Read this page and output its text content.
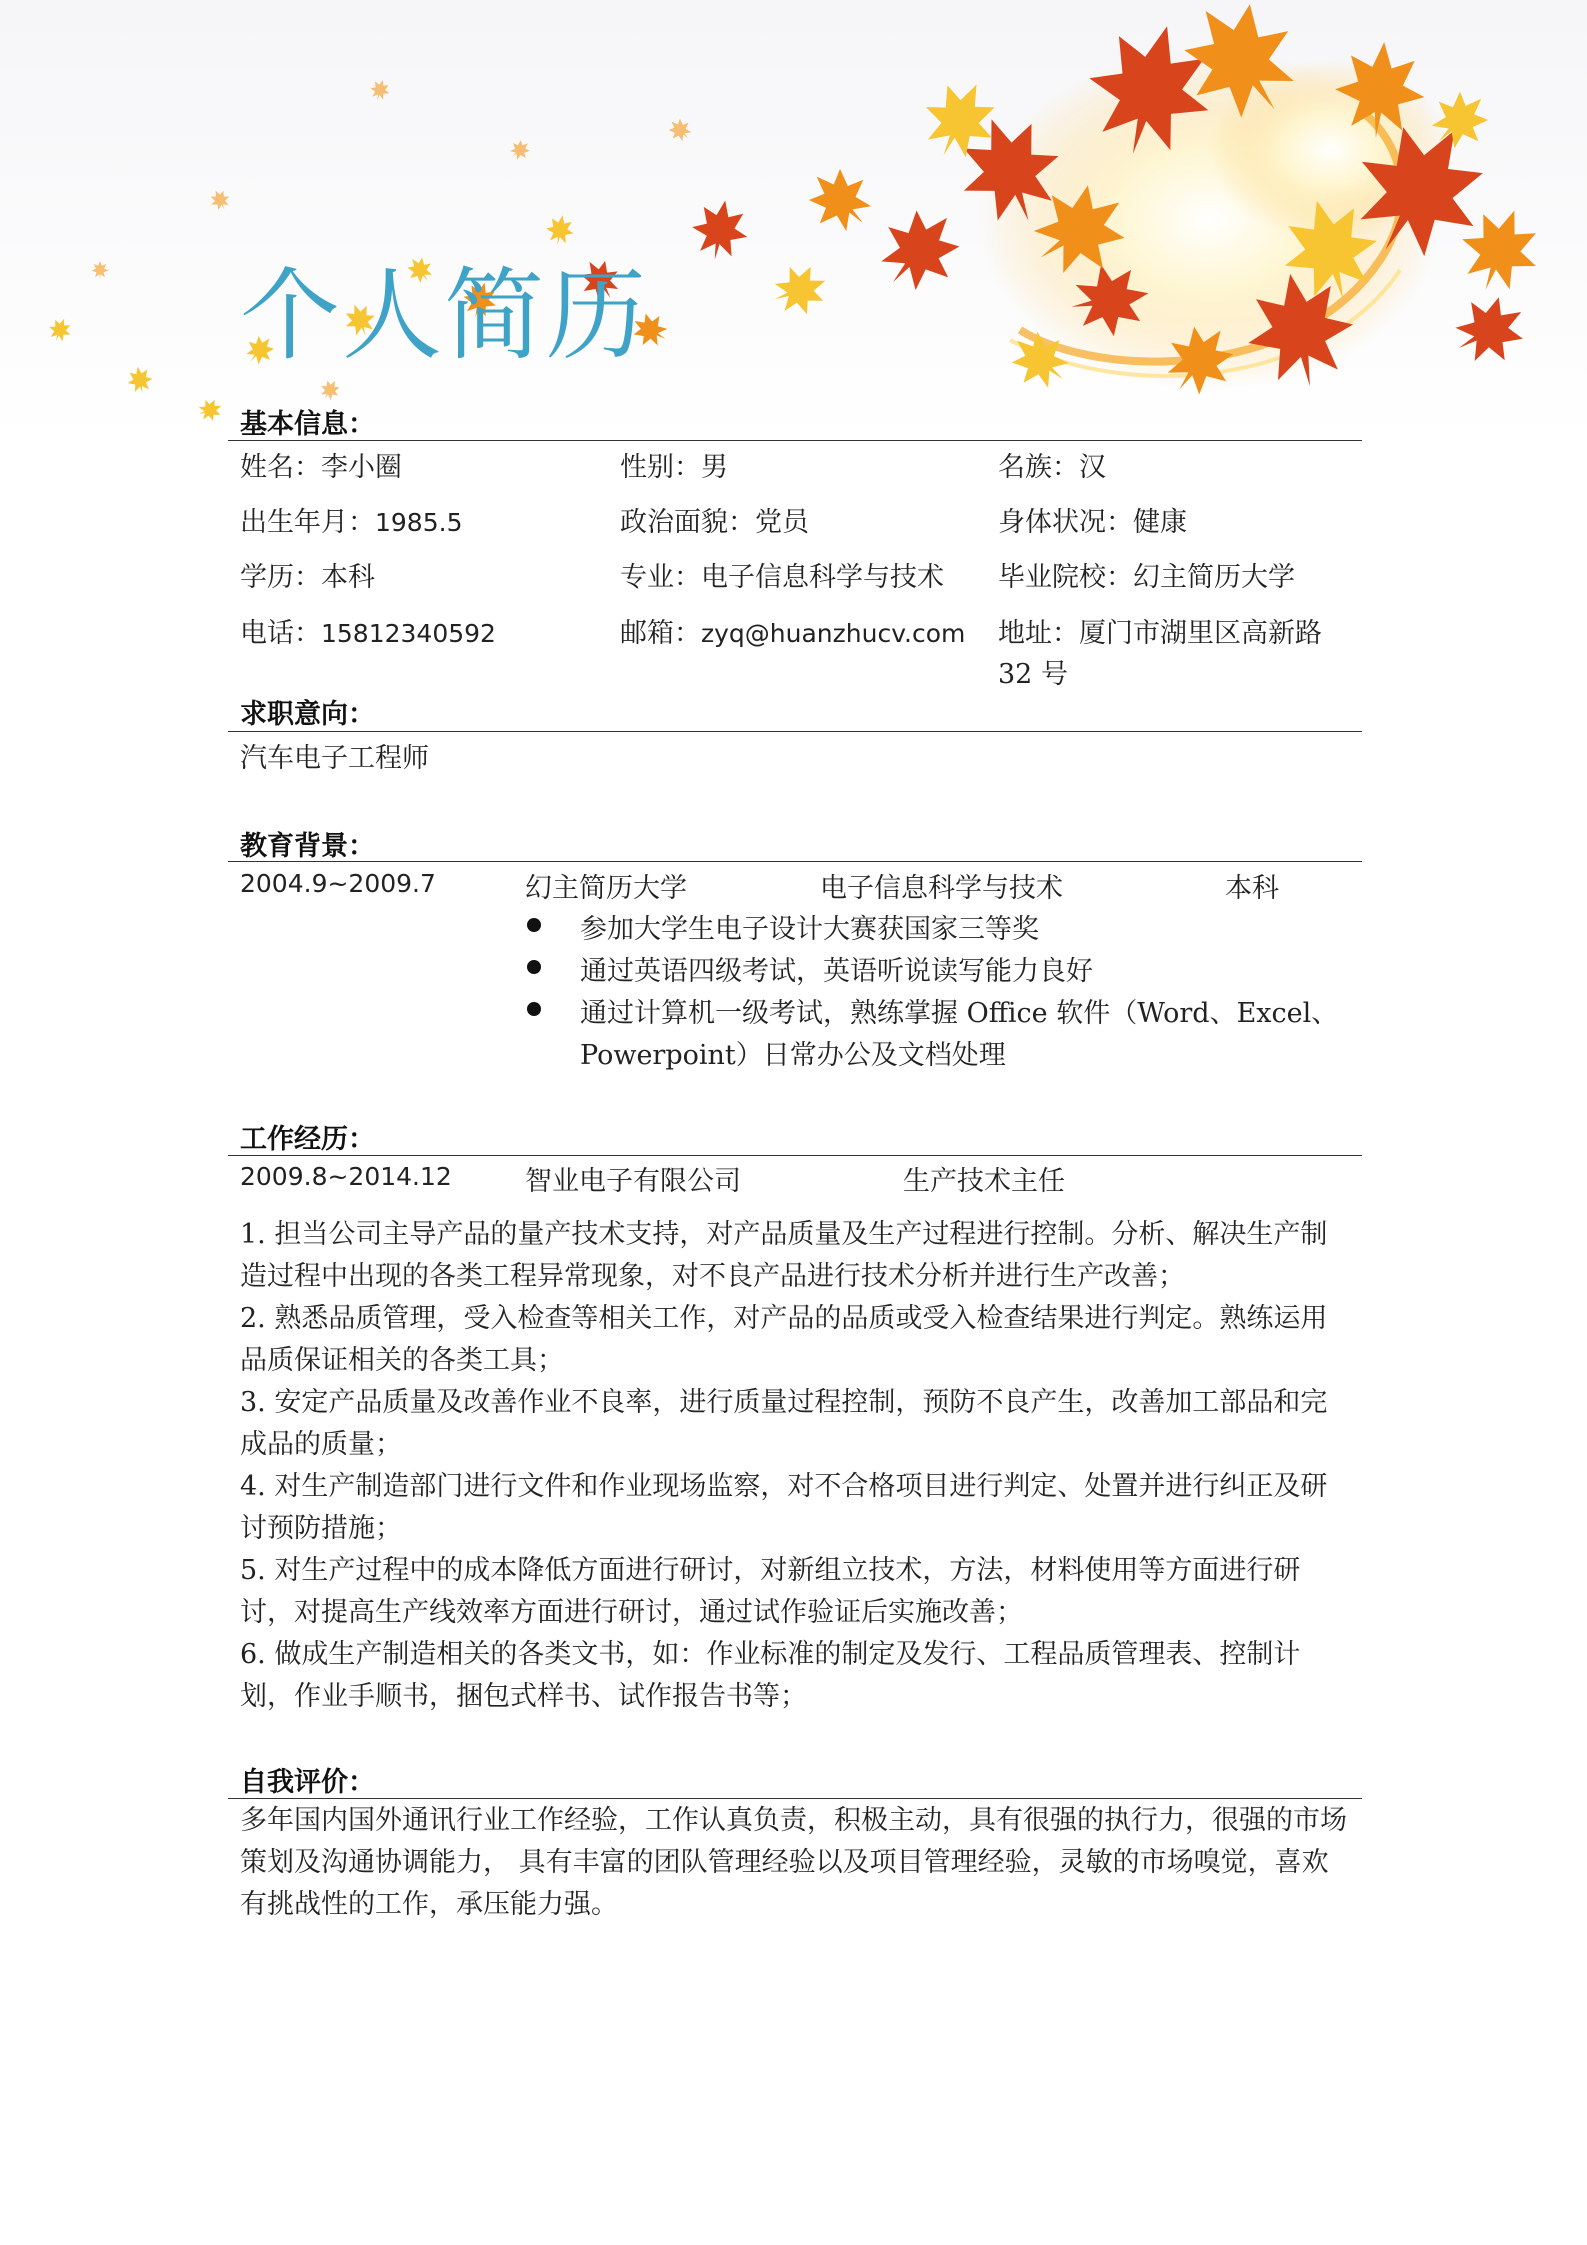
个人简历
基本信息：
姓名：李小圈	性别：男	名族：汉
出生年月：1985.5	政治面貌：党员	身体状况：健康
学历：本科	专业：电子信息科学与技术 毕业院校：幻主简历大学
电话：15812340592	邮箱：zyq@huanzhucv.com 地址：厦门市湖里区高新路
32 号
求职意向：
汽车电子工程师
教育背景：
2004.9~2009.7	幻主简历大学	电子信息科学与技术	本科
参加大学生电子设计大赛获国家三等奖
通过英语四级考试，英语听说读写能力良好
通过计算机一级考试，熟练掌握 Office 软件（Word、Excel、
Powerpoint）日常办公及文档处理
工作经历：
2009.8~2014.12	智业电子有限公司	生产技术主任
1. 担当公司主导产品的量产技术支持，对产品质量及生产过程进行控制。分析、解决生产制造过程中出现的各类工程异常现象，对不良产品进行技术分析并进行生产改善；
2. 熟悉品质管理，受入检查等相关工作，对产品的品质或受入检查结果进行判定。熟练运用品质保证相关的各类工具；
3. 安定产品质量及改善作业不良率，进行质量过程控制，预防不良产生，改善加工部品和完成品的质量；
4. 对生产制造部门进行文件和作业现场监察，对不合格项目进行判定、处置并进行纠正及研讨预防措施；
5. 对生产过程中的成本降低方面进行研讨，对新组立技术，方法，材料使用等方面进行研讨，对提高生产线效率方面进行研讨，通过试作验证后实施改善；
6. 做成生产制造相关的各类文书，如：作业标准的制定及发行、工程品质管理表、控制计划，作业手顺书，捆包式样书、试作报告书等；
自我评价：
多年国内国外通讯行业工作经验，工作认真负责，积极主动，具有很强的执行力，很强的市场策划及沟通协调能力， 具有丰富的团队管理经验以及项目管理经验，灵敏的市场嗅觉，喜欢有挑战性的工作，承压能力强。
